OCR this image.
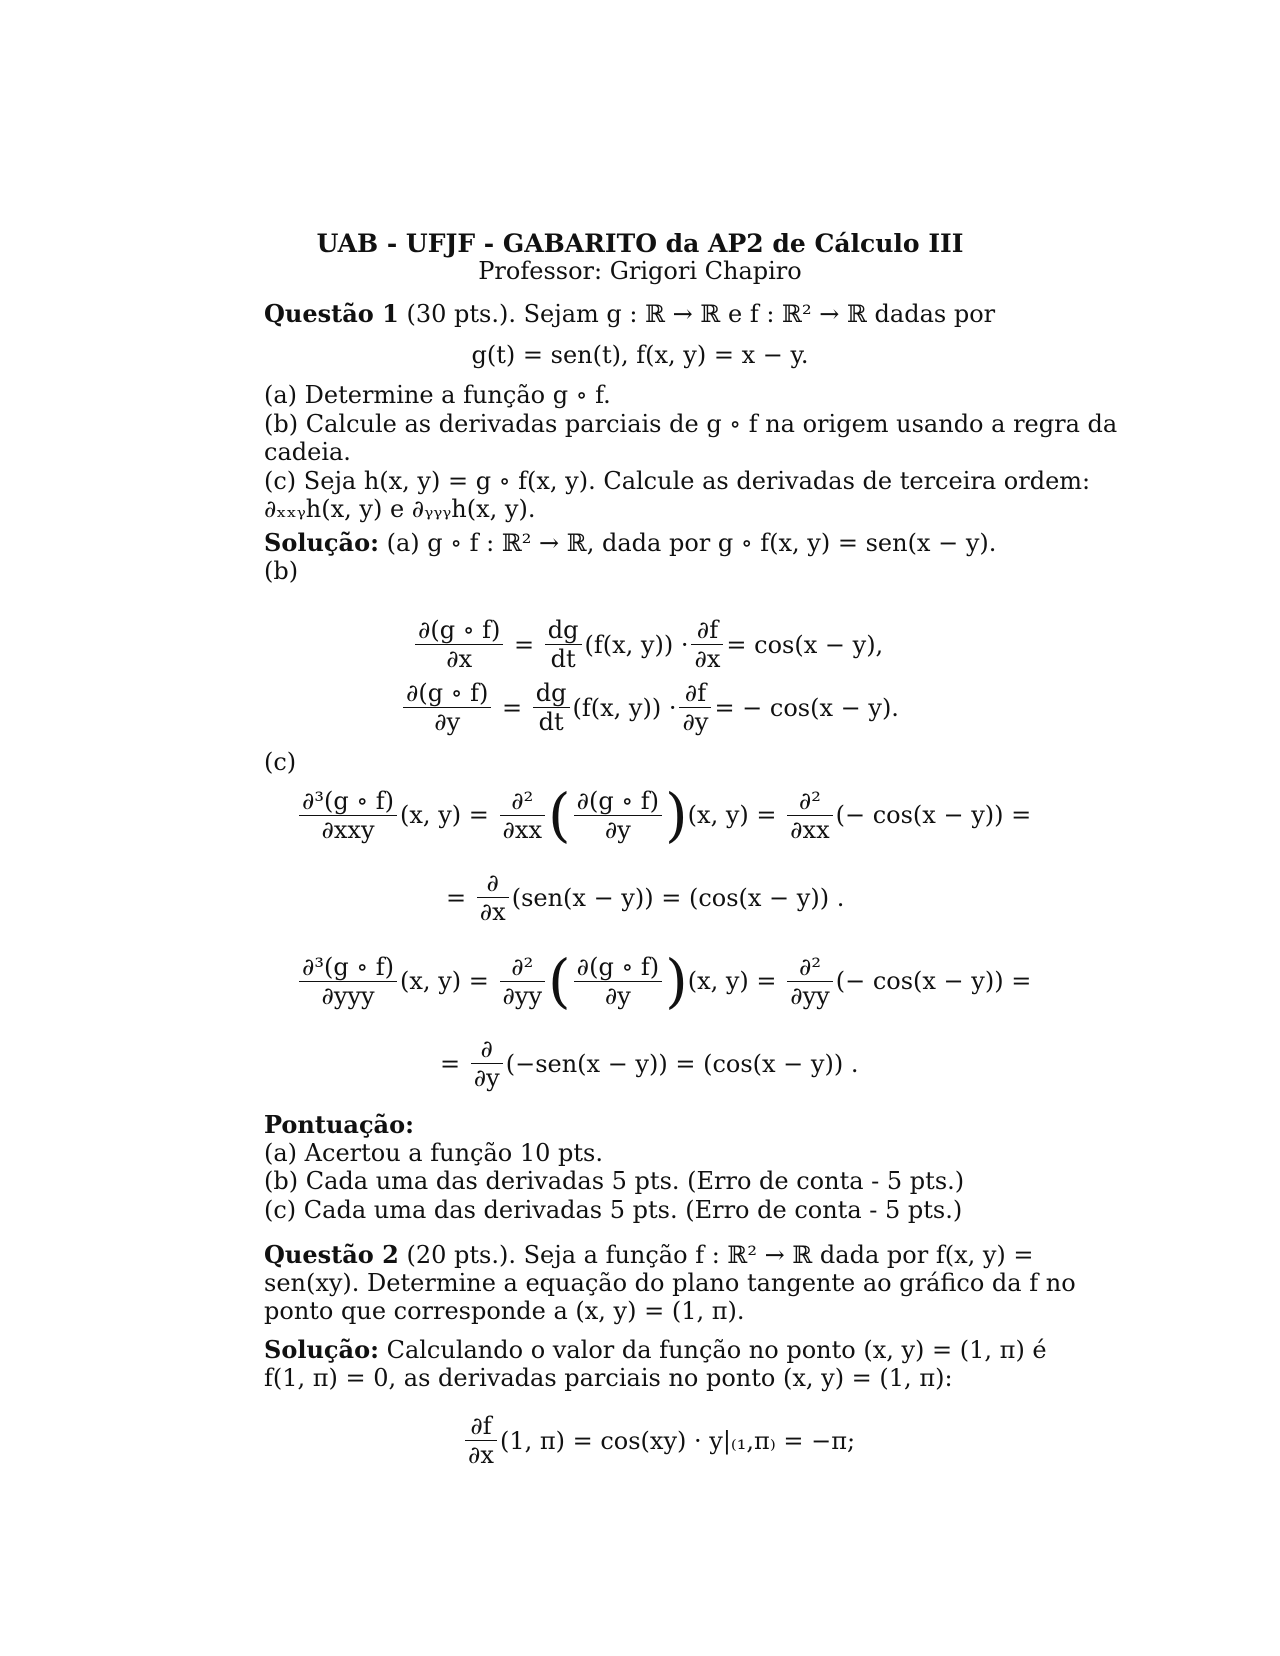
UAB - UFJF - GABARITO da AP2 de Cálculo III
Professor: Grigori Chapiro
Questão 1 (30 pts.). Sejam g : ℝ → ℝ e f : ℝ² → ℝ dadas por
g(t) = sen(t), f(x, y) = x − y.
(a) Determine a função g ∘ f.
(b) Calcule as derivadas parciais de g ∘ f na origem usando a regra da
cadeia.
(c) Seja h(x, y) = g ∘ f(x, y). Calcule as derivadas de terceira ordem:
∂ₓₓᵧh(x, y) e ∂ᵧᵧᵧh(x, y).
Solução: (a) g ∘ f : ℝ² → ℝ, dada por g ∘ f(x, y) = sen(x − y).
(b)
$\frac{\partial(g \circ f)}{\partial x} = \frac{dg}{dt} (f(x$, $y)) \cdot \frac{\partial f}{\partial x} = \cos(x - y)$,
$\frac{\partial(g \circ f)}{\partial y} = \frac{dg}{dt} (f(x$, $y)) \cdot \frac{\partial f}{\partial y}$ = − cos(x − y).
(c)
$\frac{\text{∂³(g ∘ f)}}{\text{∂xxy}} (x$, y) =
$\frac{\text{∂²}}{\partial xx}$ ( $\frac{\partial(g \circ f)}{\partial y}$ ) (x, y) =
$\frac{\text{∂²}}{\partial xx}$ (− cos(x − y)) =
= $\frac{\partial}{\partial x} (sen(x - y)) = (\cos(x - y))$ .
$\frac{\text{∂³(g ∘ f)}}{\text{∂yyy}} (x$, y) =
$\frac{\text{∂²}}{\partial yy}$ ( $\frac{\partial(g \circ f)}{\partial y}$ ) (x, y) =
$\frac{\text{∂²}}{\partial yy}$ (− cos(x − y)) =
= $\frac{\partial}{\partial y} (-sen(x - y)) = (\cos(x - y))$ .
Pontuação:
(a) Acertou a função 10 pts.
(b) Cada uma das derivadas 5 pts. (Erro de conta - 5 pts.)
(c) Cada uma das derivadas 5 pts. (Erro de conta - 5 pts.)
Questão 2 (20 pts.). Seja a função f : ℝ² → ℝ dada por f(x, y) =
sen(xy). Determine a equação do plano tangente ao gráfico da f no
ponto que corresponde a (x, y) = (1, π).
Solução: Calculando o valor da função no ponto (x, y) = (1, π) é
f(1, π) = 0, as derivadas parciais no ponto (x, y) = (1, π):
$\frac{\partial f}{\partial x} (1$, π) = cos(xy) · y|₍₁,π₎ = −π;
